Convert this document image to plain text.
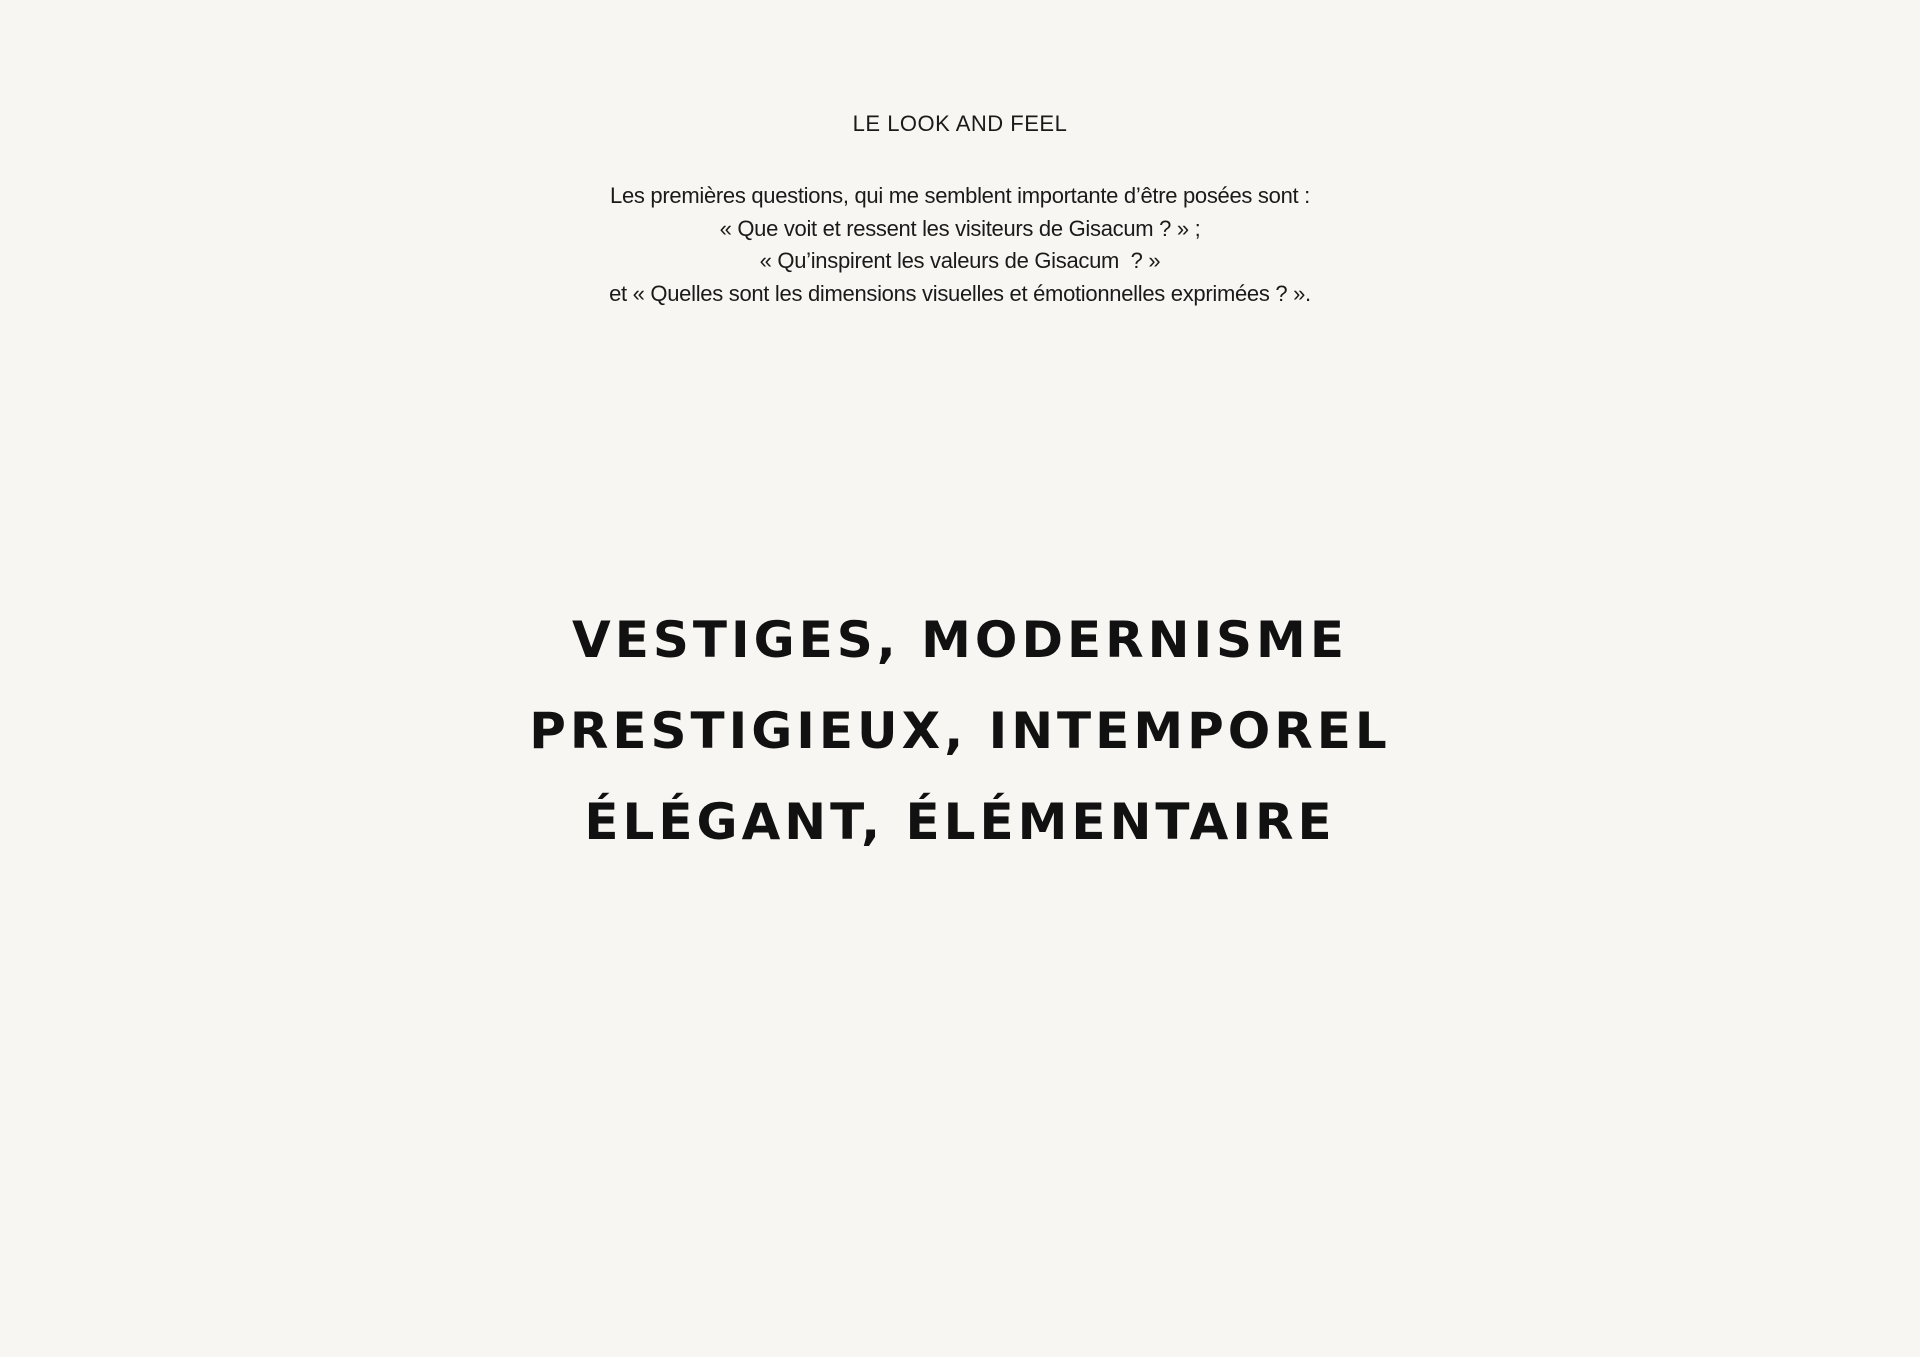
LE LOOK AND FEEL
Les premières questions, qui me semblent importante d’être posées sont :
« Que voit et ressent les visiteurs de Gisacum ? » ;
« Qu’inspirent les valeurs de Gisacum  ? »
et « Quelles sont les dimensions visuelles et émotionnelles exprimées ? ».
VESTIGES, MODERNISME
PRESTIGIEUX, INTEMPOREL
ÉLÉGANT, ÉLÉMENTAIRE
